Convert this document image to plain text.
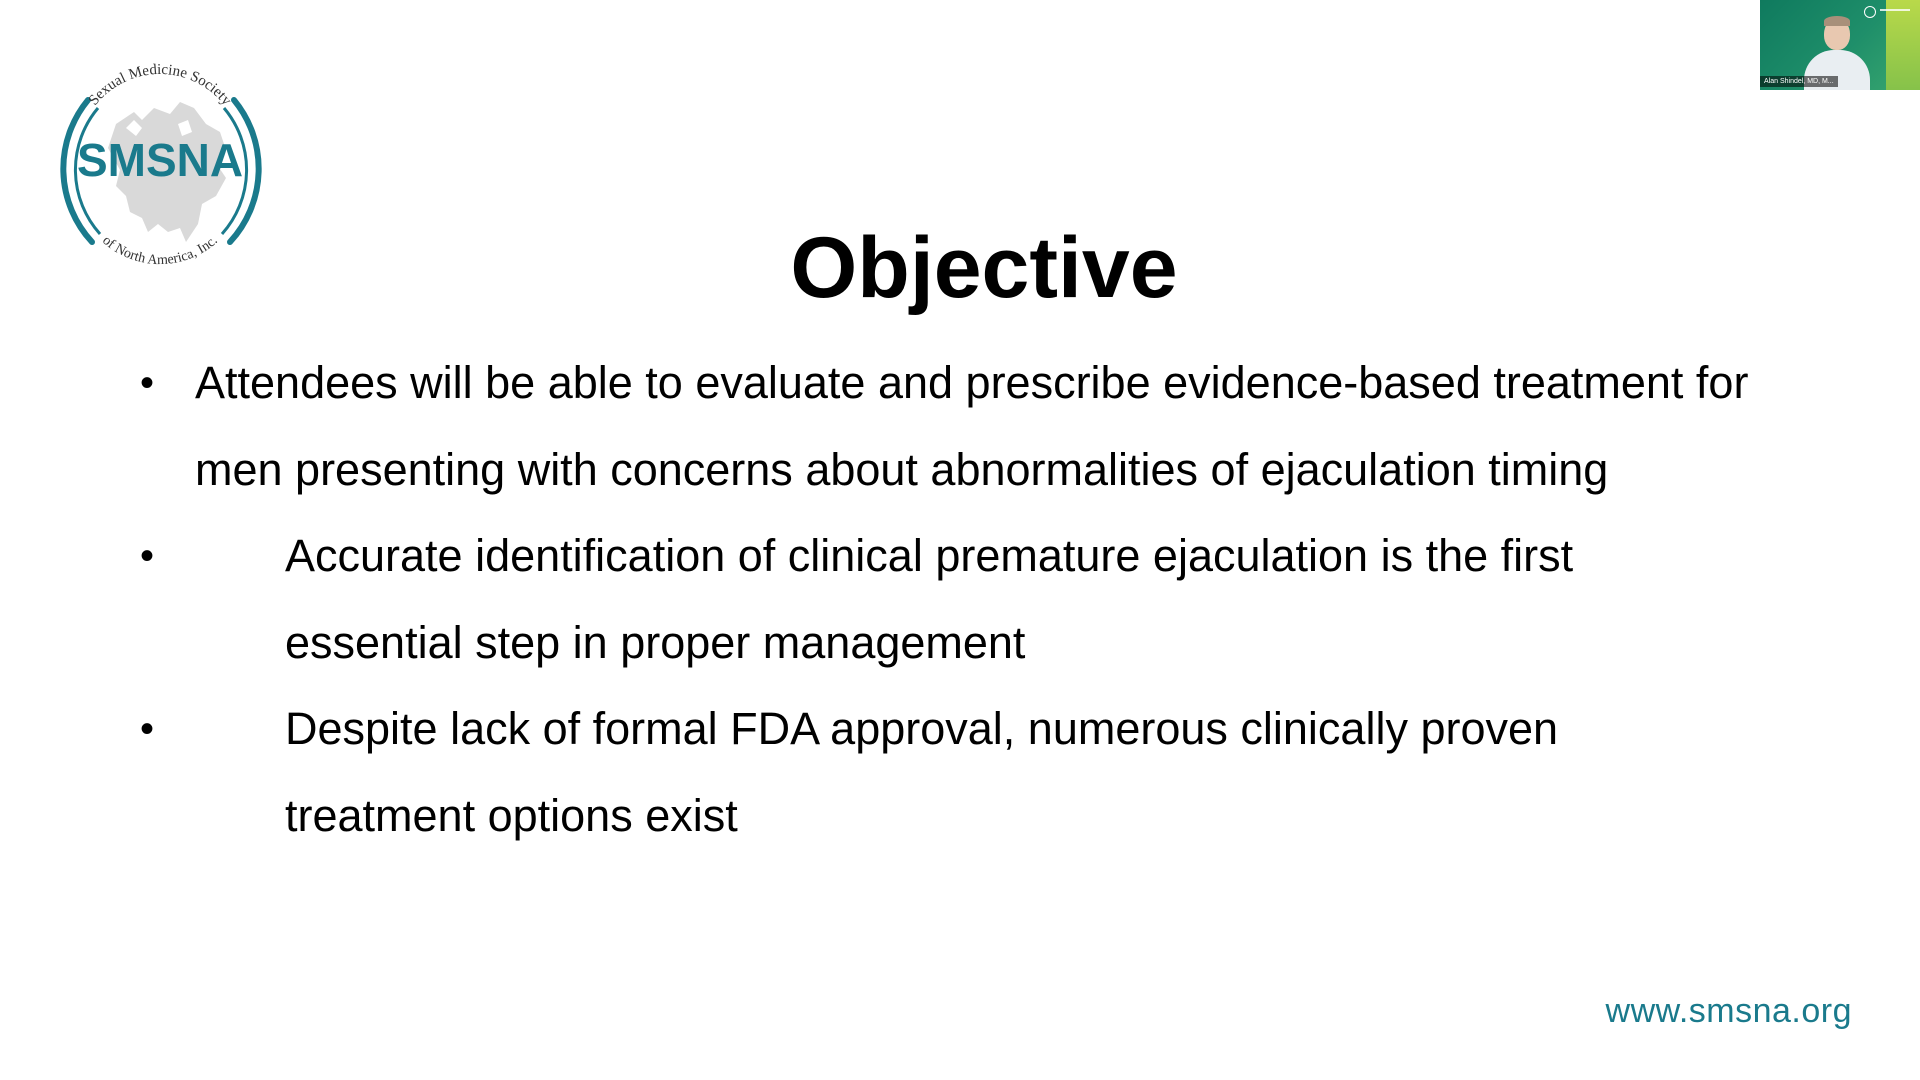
Sexual Medicine Society
of North America, Inc.
SMSNA
Objective
• Attendees will be able to evaluate and prescribe evidence-based treatment for men presenting with concerns about abnormalities of ejaculation timing
•	Accurate identification of clinical premature ejaculation is the first essential step in proper management
•	Despite lack of formal FDA approval, numerous clinically proven treatment options exist
www.smsna.org
Alan Shindel, MD, M...
